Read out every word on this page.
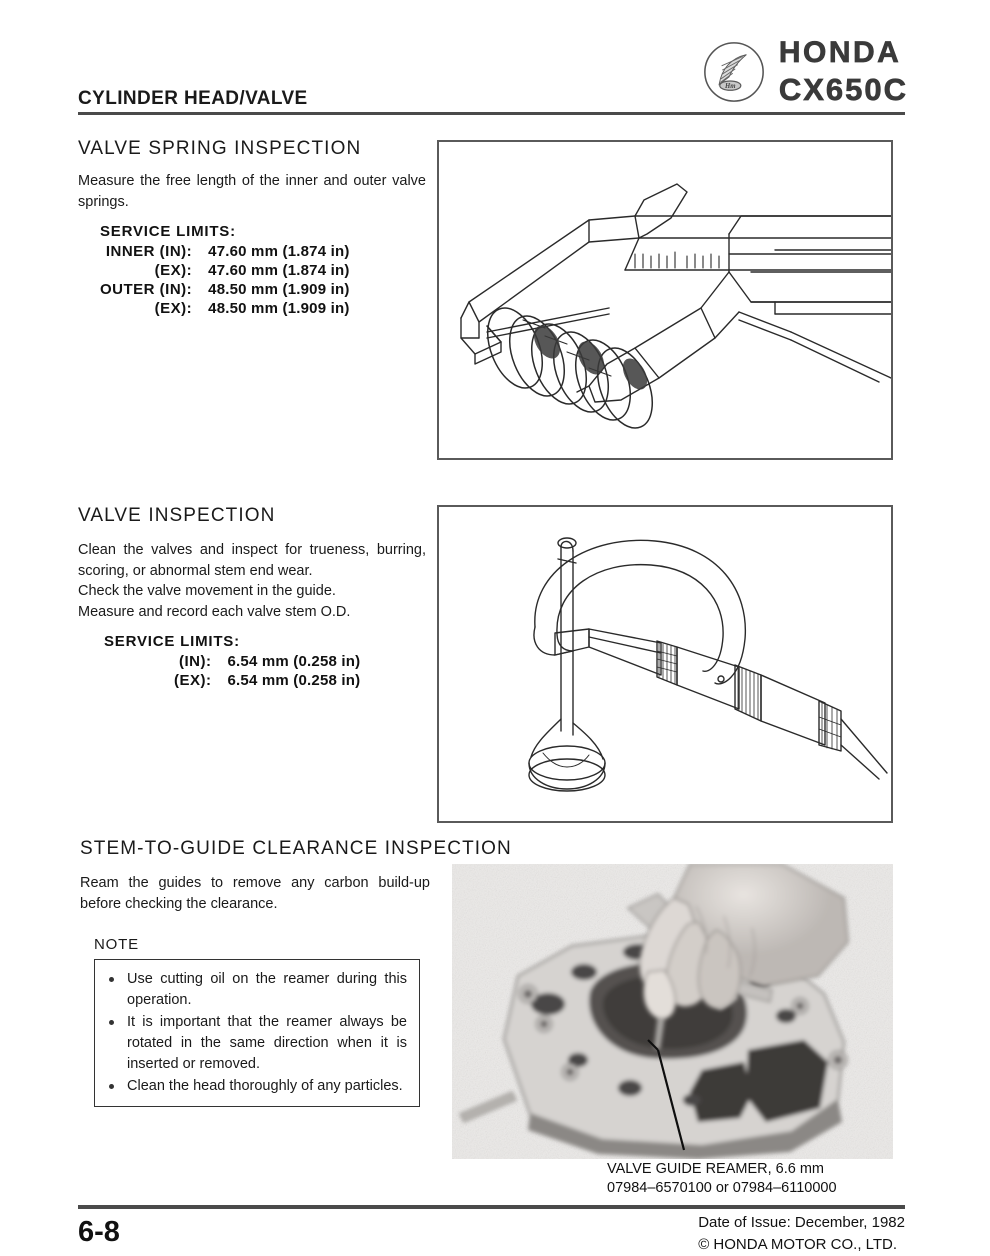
Hm
HONDA
CX650C
CYLINDER HEAD/VALVE
VALVE SPRING INSPECTION
Measure the free length of the inner and outer valve springs.
SERVICE LIMITS:
INNER (IN):	47.60 mm (1.874 in)
(EX):	47.60 mm (1.874 in)
OUTER (IN):	48.50 mm (1.909 in)
(EX):	48.50 mm (1.909 in)
VALVE INSPECTION
Clean the valves and inspect for trueness, burring, scoring, or abnormal stem end wear.
Check the valve movement in the guide.
Measure and record each valve stem O.D.
SERVICE LIMITS:
(IN):	6.54 mm (0.258 in)
(EX):	6.54 mm (0.258 in)
STEM-TO-GUIDE CLEARANCE INSPECTION
Ream the guides to remove any carbon build-up before checking the clearance.
NOTE
Use cutting oil on the reamer during this operation.
It is important that the reamer always be rotated in the same direction when it is inserted or removed.
Clean the head thoroughly of any particles.
VALVE GUIDE REAMER, 6.6 mm
07984–6570100 or 07984–6110000
6-8	Date of Issue: December, 1982
© HONDA MOTOR CO., LTD.
